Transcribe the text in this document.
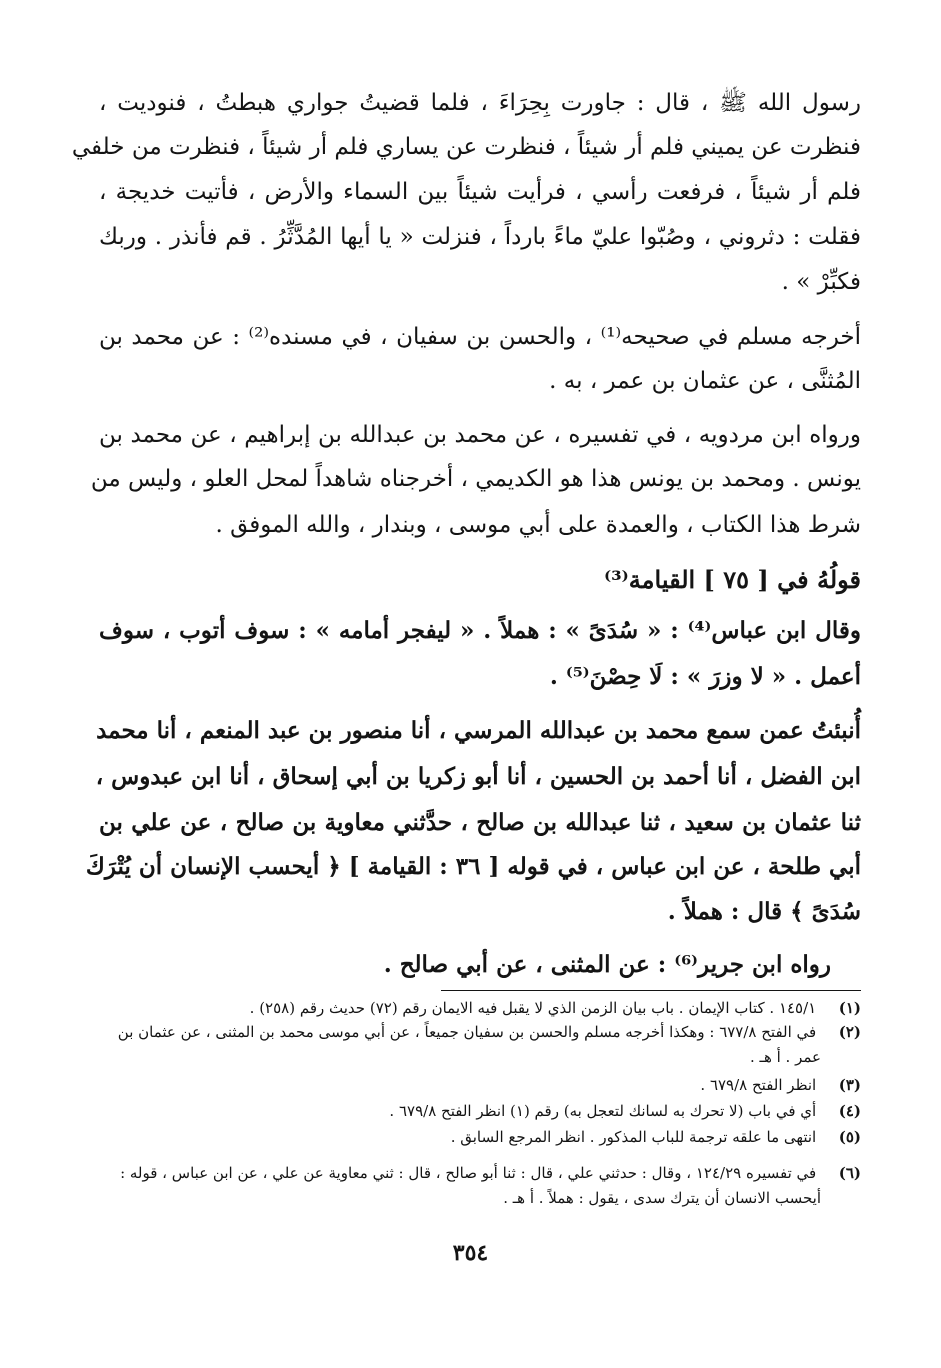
رسول الله ﷺ ، قال : جاورت بِحِرَاءَ ، فلما قضيتُ جواري هبطتُ ، فنوديت ،
فنظرت عن يميني فلم أر شيئاً ، فنظرت عن يساري فلم أر شيئاً ، فنظرت من خلفي
فلم أر شيئاً ، فرفعت رأسي ، فرأيت شيئاً بين السماء والأرض ، فأتيت خديجة ،
فقلت : دثروني ، وصُبّوا عليّ ماءً بارداً ، فنزلت « يا أيها المُدَّثِّرُ . قم فأنذر . وربك
فكبِّرْ » .
أخرجه مسلم في صحيحه⁽¹⁾ ، والحسن بن سفيان ، في مسنده⁽²⁾ : عن محمد بن
المُثنَّى ، عن عثمان بن عمر ، به .
ورواه ابن مردويه ، في تفسيره ، عن محمد بن عبدالله بن إبراهيم ، عن محمد بن
يونس . ومحمد بن يونس هذا هو الكديمي ، أخرجناه شاهداً لمحل العلو ، وليس من
شرط هذا الكتاب ، والعمدة على أبي موسى ، وبندار ، والله الموفق .
قولُهُ في [ ٧٥ ] القيامة⁽³⁾
وقال ابن عباس⁽⁴⁾ : « سُدَىً » : هملاً . « ليفجر أمامه » : سوف أتوب ، سوف
أعمل . « لا وزرَ » : لَا حِصْنَ⁽⁵⁾ .
أُنبئتُ عمن سمع محمد بن عبدالله المرسي ، أنا منصور بن عبد المنعم ، أنا محمد
ابن الفضل ، أنا أحمد بن الحسين ، أنا أبو زكريا بن أبي إسحاق ، أنا ابن عبدوس ،
ثنا عثمان بن سعيد ، ثنا عبدالله بن صالح ، حدَّثني معاوية بن صالح ، عن علي بن
أبي طلحة ، عن ابن عباس ، في قوله [ ٣٦ : القيامة ] ﴿ أيحسب الإنسان أن يُتْرَكَ
سُدَىً ﴾ قال : هملاً .
رواه ابن جرير⁽⁶⁾ : عن المثنى ، عن أبي صالح .
(١) ١٤٥/١ . كتاب الإيمان . باب بيان الزمن الذي لا يقبل فيه الايمان رقم (٧٢) حديث رقم (٢٥٨) .
(٢) في الفتح ٦٧٧/٨ : وهكذا أخرجه مسلم والحسن بن سفيان جميعاً ، عن أبي موسى محمد بن المثنى ، عن عثمان بن
عمر . أ هـ .
(٣) انظر الفتح ٦٧٩/٨ .
(٤) أي في باب (لا تحرك به لسانك لتعجل به) رقم (١) انظر الفتح ٦٧٩/٨ .
(٥) انتهى ما علقه ترجمة للباب المذكور . انظر المرجع السابق .
(٦) في تفسيره ١٢٤/٢٩ ، وقال : حدثني علي ، قال : ثنا أبو صالح ، قال : ثني معاوية عن علي ، عن ابن عباس ، قوله :
أيحسب الانسان أن يترك سدى ، يقول : هملاً . أ هـ .
٣٥٤
